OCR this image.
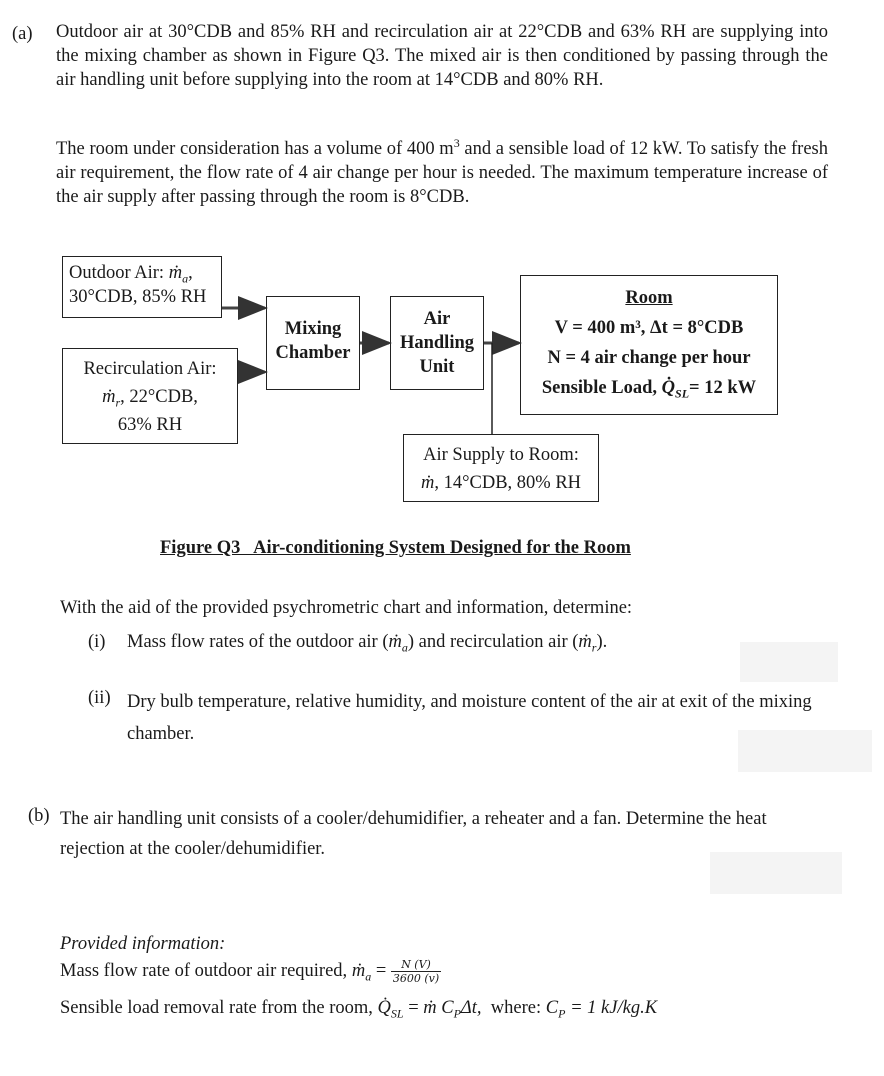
(a) Outdoor air at 30°CDB and 85% RH and recirculation air at 22°CDB and 63% RH are supplying into the mixing chamber as shown in Figure Q3. The mixed air is then conditioned by passing through the air handling unit before supplying into the room at 14°CDB and 80% RH.
The room under consideration has a volume of 400 $m^3$ and a sensible load of 12 kW. To satisfy the fresh air requirement, the flow rate of 4 air change per hour is needed. The maximum temperature increase of the air supply after passing through the room is 8°CDB.
Outdoor Air: ṁ$_a$,
30°CDB, 85% RH
Recirculation Air:
ṁ$_r$, 22°CDB,
63% RH
Mixing
Chamber
Air
Handling
Unit
Room
V = 400 m³, Δt = 8°CDB
N = 4 air change per hour
Sensible Load, $Q̇_{SL}= 12$ kW
Air Supply to Room:
ṁ, 14°CDB, 80% RH
Figure Q3   Air-conditioning System Designed for the Room
With the aid of the provided psychrometric chart and information, determine:
(i) Mass flow rates of the outdoor air (ṁ$_a$) and recirculation air (ṁ$_r$).
(ii) Dry bulb temperature, relative humidity, and moisture content of the air at exit of the mixing chamber.
(b) The air handling unit consists of a cooler/dehumidifier, a reheater and a fan. Determine the heat rejection at the cooler/dehumidifier.
Provided information:
Mass flow rate of outdoor air required, ṁ$_a$ = $\frac{N (V)}{3600 (v)}$
Sensible load removal rate from the room, $Q̇_{SL}$ = ṁ $C_P\Delta t$,  where: $C_P = 1$ kJ/kg.K
